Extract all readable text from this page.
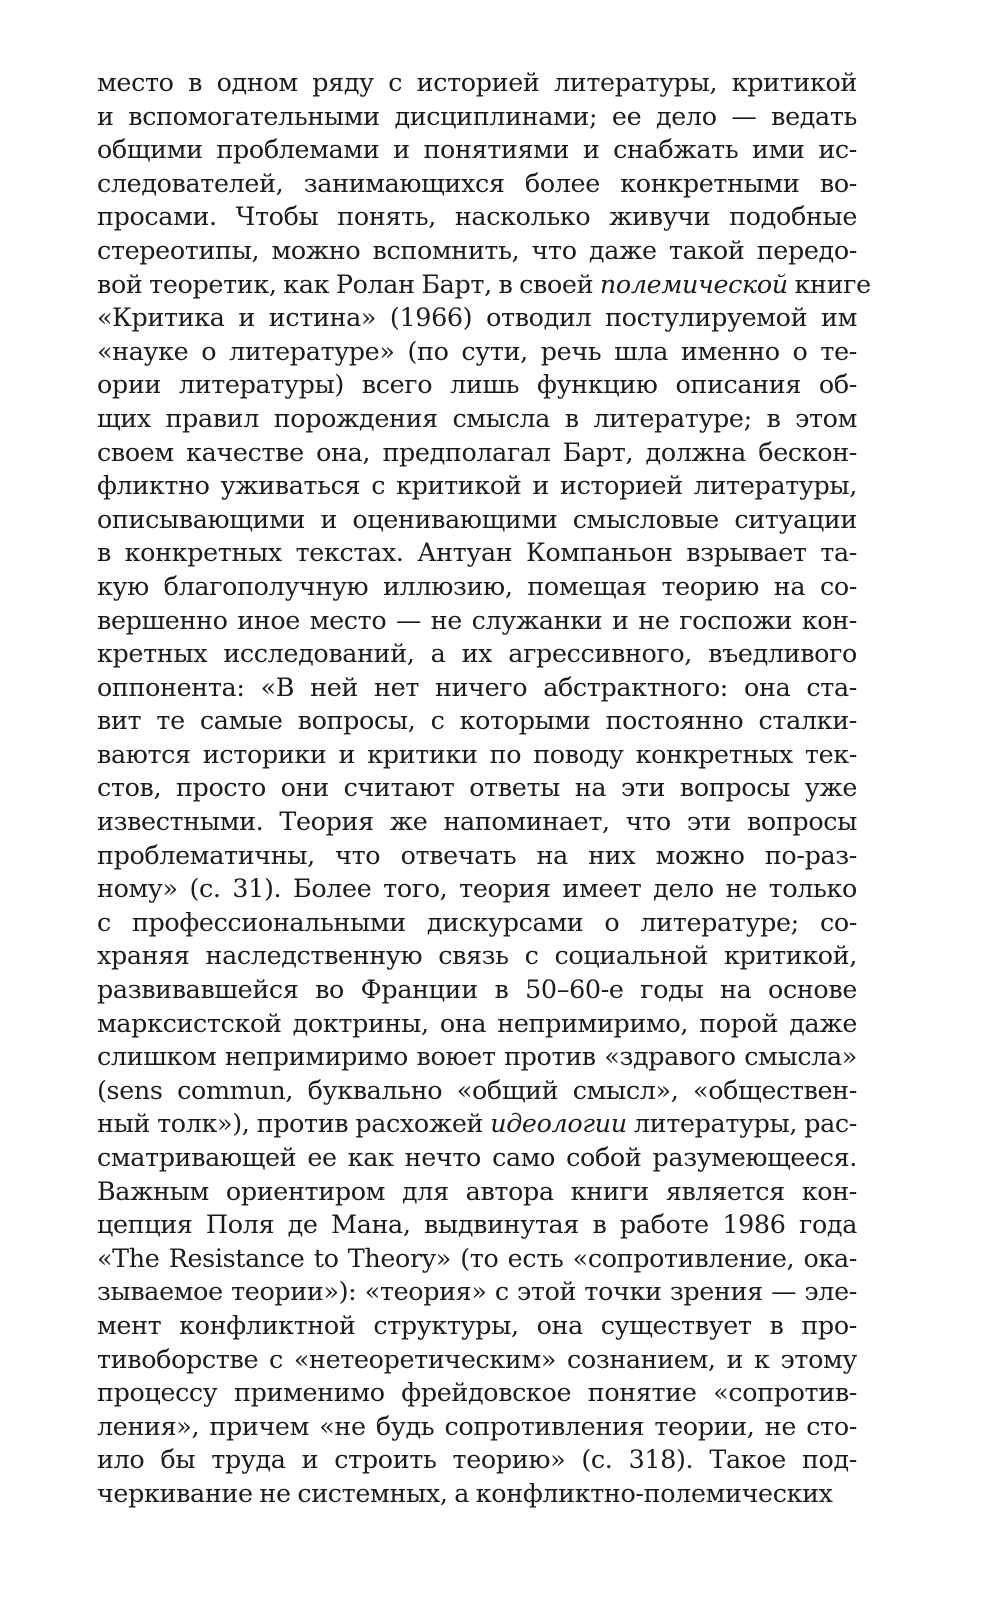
место в одном ряду с историей литературы, критикой
и вспомогательными дисциплинами; ее дело — ведать
общими проблемами и понятиями и снабжать ими ис-
следователей, занимающихся более конкретными во-
просами. Чтобы понять, насколько живучи подобные
стереотипы, можно вспомнить, что даже такой передо-
вой теоретик, как Ролан Барт, в своей полемической книге
«Критика и истина» (1966) отводил постулируемой им
«науке о литературе» (по сути, речь шла именно о те-
ории литературы) всего лишь функцию описания об-
щих правил порождения смысла в литературе; в этом
своем качестве она, предполагал Барт, должна бескон-
фликтно уживаться с критикой и историей литературы,
описывающими и оценивающими смысловые ситуации
в конкретных текстах. Антуан Компаньон взрывает та-
кую благополучную иллюзию, помещая теорию на со-
вершенно иное место — не служанки и не госпожи кон-
кретных исследований, а их агрессивного, въедливого
оппонента: «В ней нет ничего абстрактного: она ста-
вит те самые вопросы, с которыми постоянно сталки-
ваются историки и критики по поводу конкретных тек-
стов, просто они считают ответы на эти вопросы уже
известными. Теория же напоминает, что эти вопросы
проблематичны, что отвечать на них можно по-раз-
ному» (с. 31). Более того, теория имеет дело не только
с профессиональными дискурсами о литературе; со-
храняя наследственную связь с социальной критикой,
развивавшейся во Франции в 50–60-е годы на основе
марксистской доктрины, она непримиримо, порой даже
слишком непримиримо воюет против «здравого смысла»
(sens commun, буквально «общий смысл», «обществен-
ный толк»), против расхожей идеологии литературы, рас-
сматривающей ее как нечто само собой разумеющееся.
Важным ориентиром для автора книги является кон-
цепция Поля де Мана, выдвинутая в работе 1986 года
«The Resistance to Theory» (то есть «сопротивление, ока-
зываемое теории»): «теория» с этой точки зрения — эле-
мент конфликтной структуры, она существует в про-
тивоборстве с «нетеоретическим» сознанием, и к этому
процессу применимо фрейдовское понятие «сопротив-
ления», причем «не будь сопротивления теории, не сто-
ило бы труда и строить теорию» (с. 318). Такое под-
черкивание не системных, а конфликтно-полемических
